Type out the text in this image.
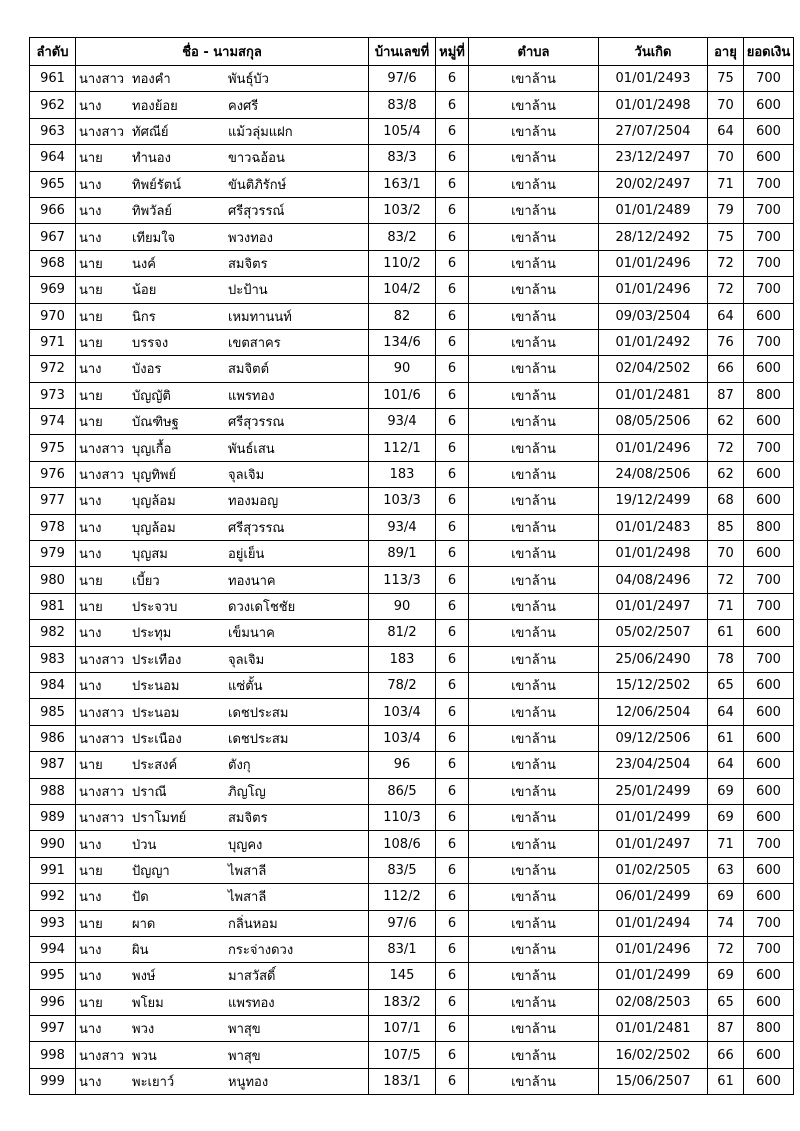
ลำดับ	ชื่อ - นามสกุล	บ้านเลขที่	หมู่ที่	ตำบล	วันเกิด	อายุ	ยอดเงิน
961	นางสาว ทองคำ พันธุ์บัว	97/6	6	เขาล้าน	01/01/2493	75	700
962	นาง ทองย้อย คงศรี	83/8	6	เขาล้าน	01/01/2498	70	600
963	นางสาว ทัศณีย์ แม้วลุ่มแฝก	105/4	6	เขาล้าน	27/07/2504	64	600
964	นาย ทำนอง ขาวฉอ้อน	83/3	6	เขาล้าน	23/12/2497	70	600
965	นาง ทิพย์รัตน์ ขันติภิรักษ์	163/1	6	เขาล้าน	20/02/2497	71	700
966	นาง ทิพวัลย์ ศรีสุวรรณ์	103/2	6	เขาล้าน	01/01/2489	79	700
967	นาง เทียมใจ พวงทอง	83/2	6	เขาล้าน	28/12/2492	75	700
968	นาย นงค์ สมจิตร	110/2	6	เขาล้าน	01/01/2496	72	700
969	นาย น้อย ปะป้าน	104/2	6	เขาล้าน	01/01/2496	72	700
970	นาย นิกร เหมทานนท์	82	6	เขาล้าน	09/03/2504	64	600
971	นาย บรรจง เขตสาคร	134/6	6	เขาล้าน	01/01/2492	76	700
972	นาง บังอร สมจิตต์	90	6	เขาล้าน	02/04/2502	66	600
973	นาย บัญญัติ แพรทอง	101/6	6	เขาล้าน	01/01/2481	87	800
974	นาย บัณฑิษฐ ศรีสุวรรณ	93/4	6	เขาล้าน	08/05/2506	62	600
975	นางสาว บุญเกื้อ พันธ์เสน	112/1	6	เขาล้าน	01/01/2496	72	700
976	นางสาว บุญทิพย์ จุลเจิม	183	6	เขาล้าน	24/08/2506	62	600
977	นาง บุญล้อม ทองมอญ	103/3	6	เขาล้าน	19/12/2499	68	600
978	นาง บุญล้อม ศรีสุวรรณ	93/4	6	เขาล้าน	01/01/2483	85	800
979	นาง บุญสม อยู่เย็น	89/1	6	เขาล้าน	01/01/2498	70	600
980	นาย เบี้ยว ทองนาค	113/3	6	เขาล้าน	04/08/2496	72	700
981	นาย ประจวบ ดวงเดโชชัย	90	6	เขาล้าน	01/01/2497	71	700
982	นาง ประทุม เข็มนาค	81/2	6	เขาล้าน	05/02/2507	61	600
983	นางสาว ประเทือง จุลเจิม	183	6	เขาล้าน	25/06/2490	78	700
984	นาง ประนอม แซ่ตั้น	78/2	6	เขาล้าน	15/12/2502	65	600
985	นางสาว ประนอม เดชประสม	103/4	6	เขาล้าน	12/06/2504	64	600
986	นางสาว ประเนือง เดชประสม	103/4	6	เขาล้าน	09/12/2506	61	600
987	นาย ประสงค์ ตังกุ	96	6	เขาล้าน	23/04/2504	64	600
988	นางสาว ปราณี ภิญโญ	86/5	6	เขาล้าน	25/01/2499	69	600
989	นางสาว ปราโมทย์ สมจิตร	110/3	6	เขาล้าน	01/01/2499	69	600
990	นาง ป่วน บุญคง	108/6	6	เขาล้าน	01/01/2497	71	700
991	นาย ปัญญา ไพสาลี	83/5	6	เขาล้าน	01/02/2505	63	600
992	นาง ปัด ไพสาลี	112/2	6	เขาล้าน	06/01/2499	69	600
993	นาย ผาด กลิ่นหอม	97/6	6	เขาล้าน	01/01/2494	74	700
994	นาง ผิน กระจ่างดวง	83/1	6	เขาล้าน	01/01/2496	72	700
995	นาง พงษ์ มาสวัสดิ์	145	6	เขาล้าน	01/01/2499	69	600
996	นาย พโยม แพรทอง	183/2	6	เขาล้าน	02/08/2503	65	600
997	นาง พวง พาสุข	107/1	6	เขาล้าน	01/01/2481	87	800
998	นางสาว พวน พาสุข	107/5	6	เขาล้าน	16/02/2502	66	600
999	นาง พะเยาว์ หนูทอง	183/1	6	เขาล้าน	15/06/2507	61	600
